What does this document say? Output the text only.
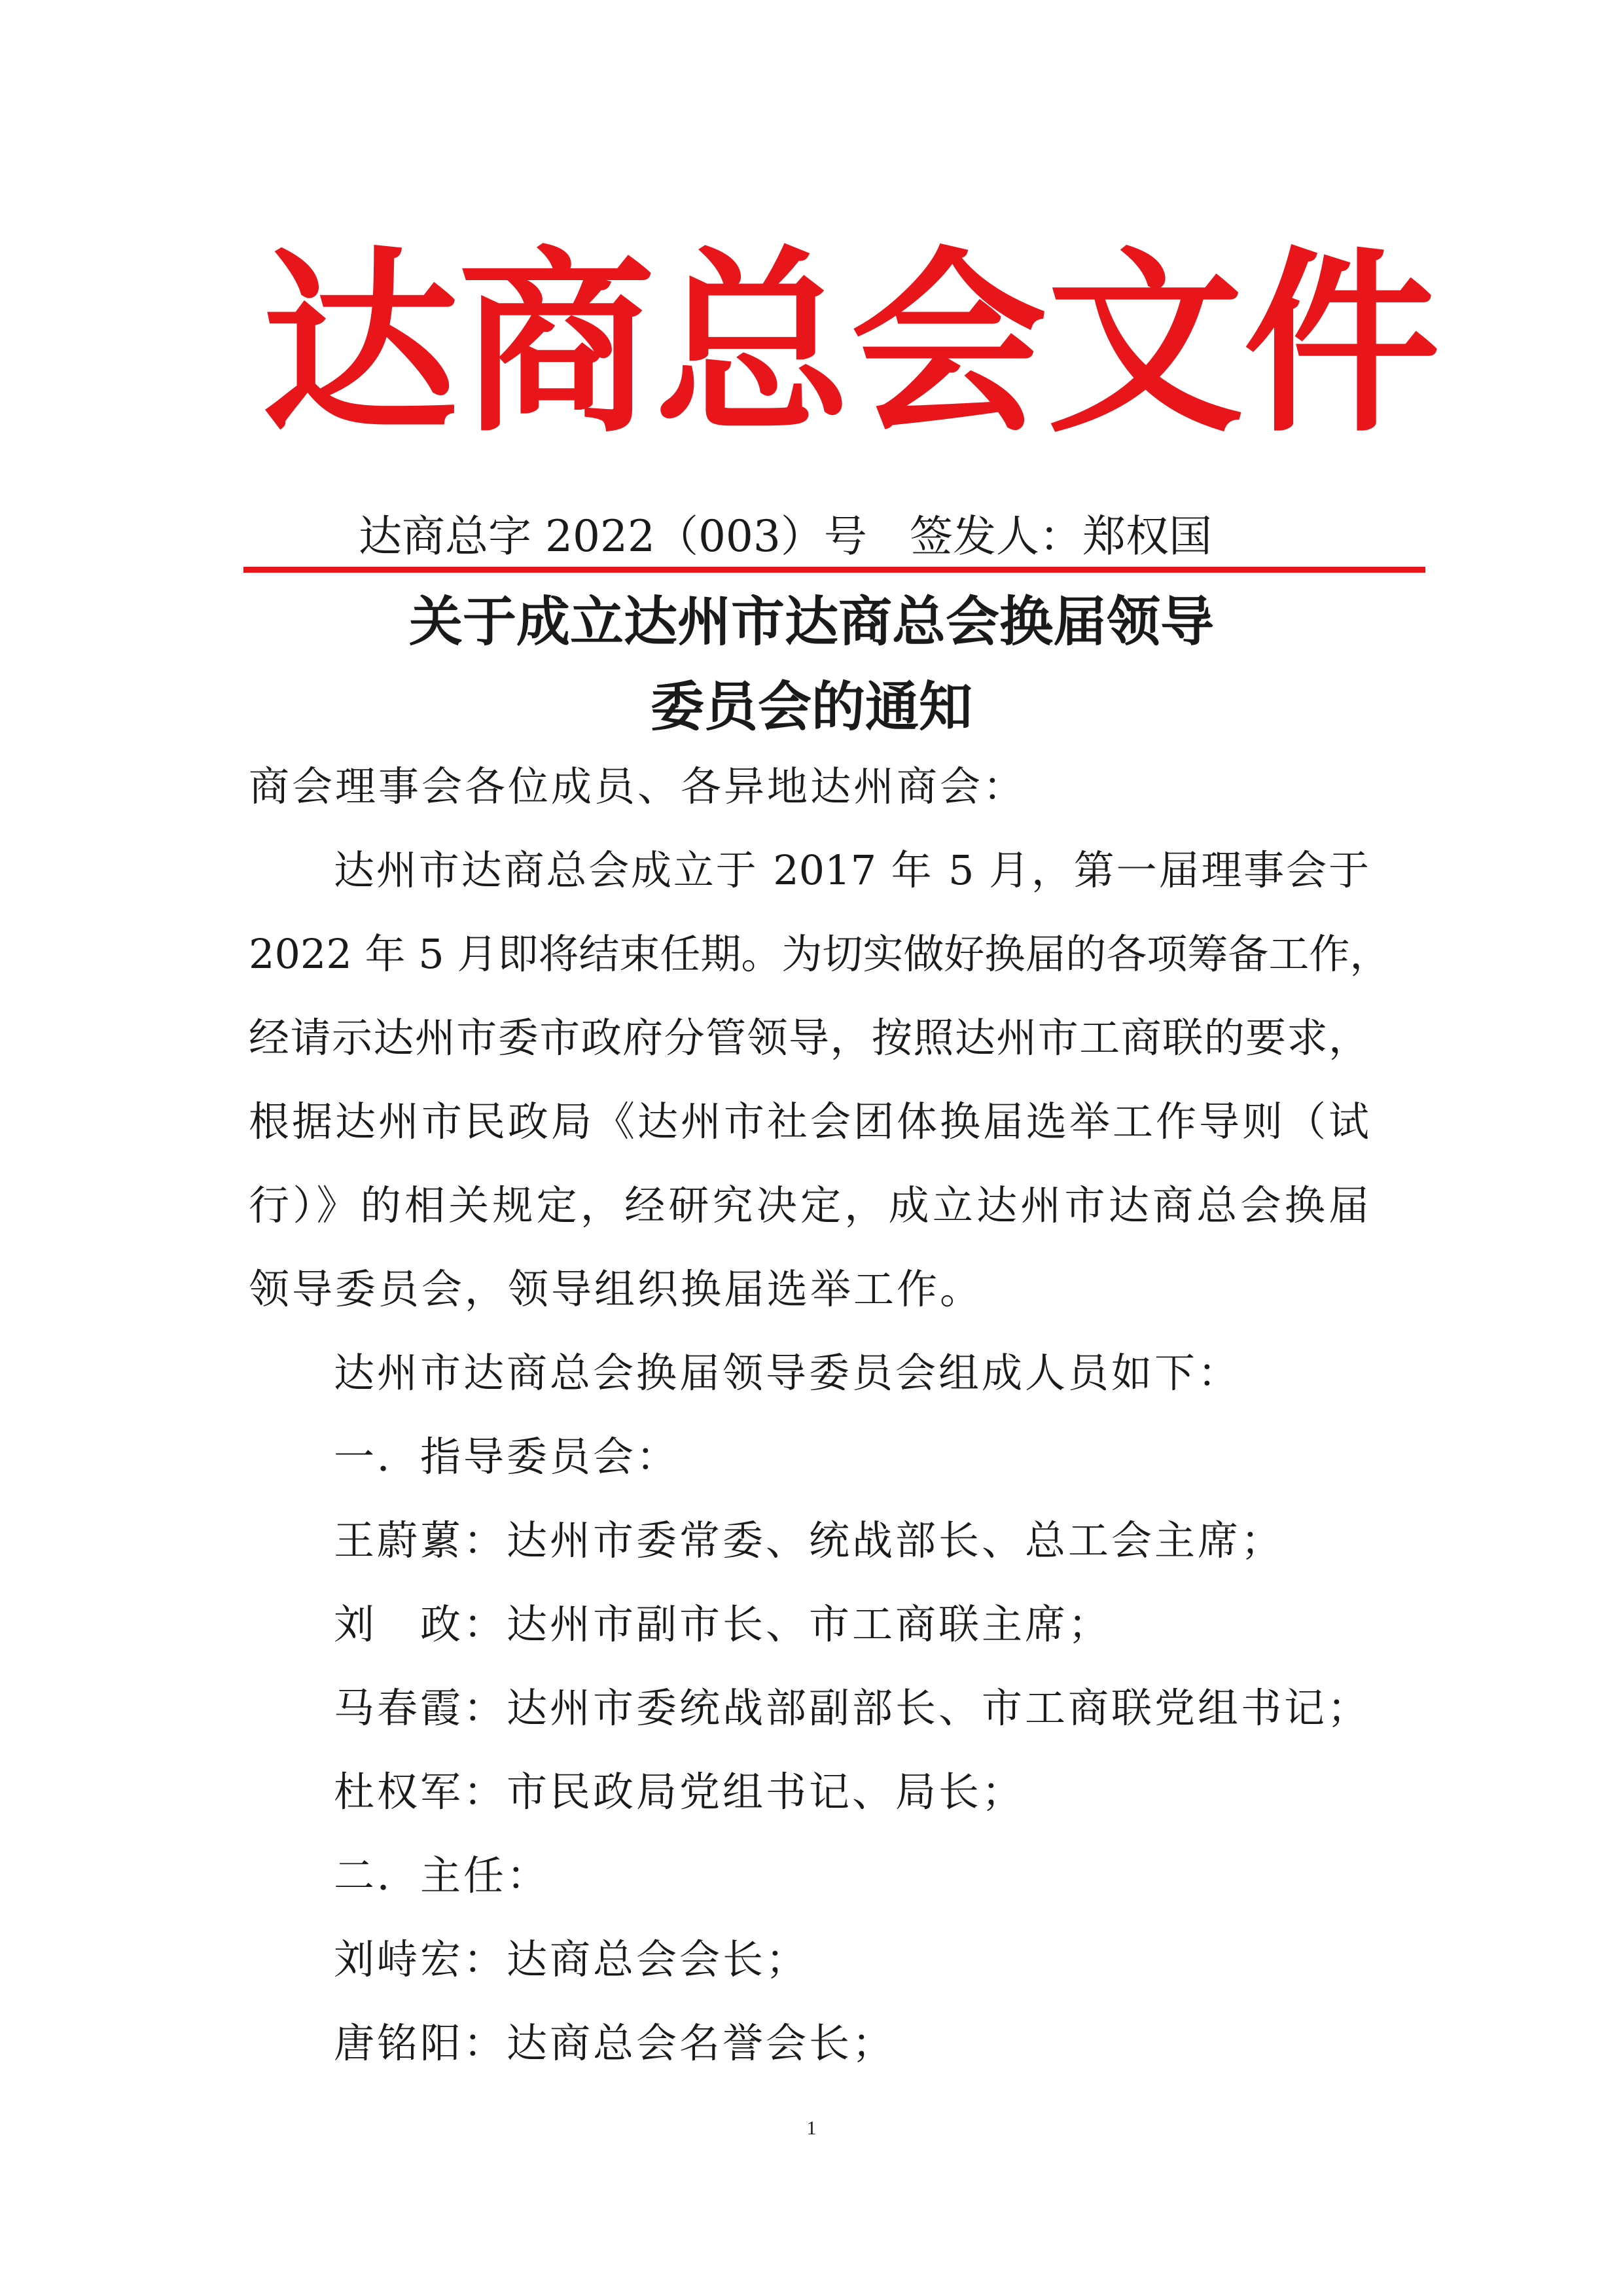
达 商 总 会 文 件
达商总字 2022（003）号 签发人：郑权国
关于成立达州市达商总会换届领导
委员会的通知
商会理事会各位成员、各异地达州商会：
达州市达商总会成立于 2017 年 5 月，第一届理事会于
2022 年 5 月即将结束任期。为切实做好换届的各项筹备工作，
经请示达州市委市政府分管领导，按照达州市工商联的要求，
根据达州市民政局《达州市社会团体换届选举工作导则（试
行）》的相关规定，经研究决定，成立达州市达商总会换届
领导委员会，领导组织换届选举工作。
达州市达商总会换届领导委员会组成人员如下：
一．指导委员会：
王蔚蔂：达州市委常委、统战部长、总工会主席；
刘　政：达州市副市长、市工商联主席；
马春霞：达州市委统战部副部长、市工商联党组书记；
杜权军：市民政局党组书记、局长；
二．主任：
刘峙宏：达商总会会长；
唐铭阳：达商总会名誉会长；
1
